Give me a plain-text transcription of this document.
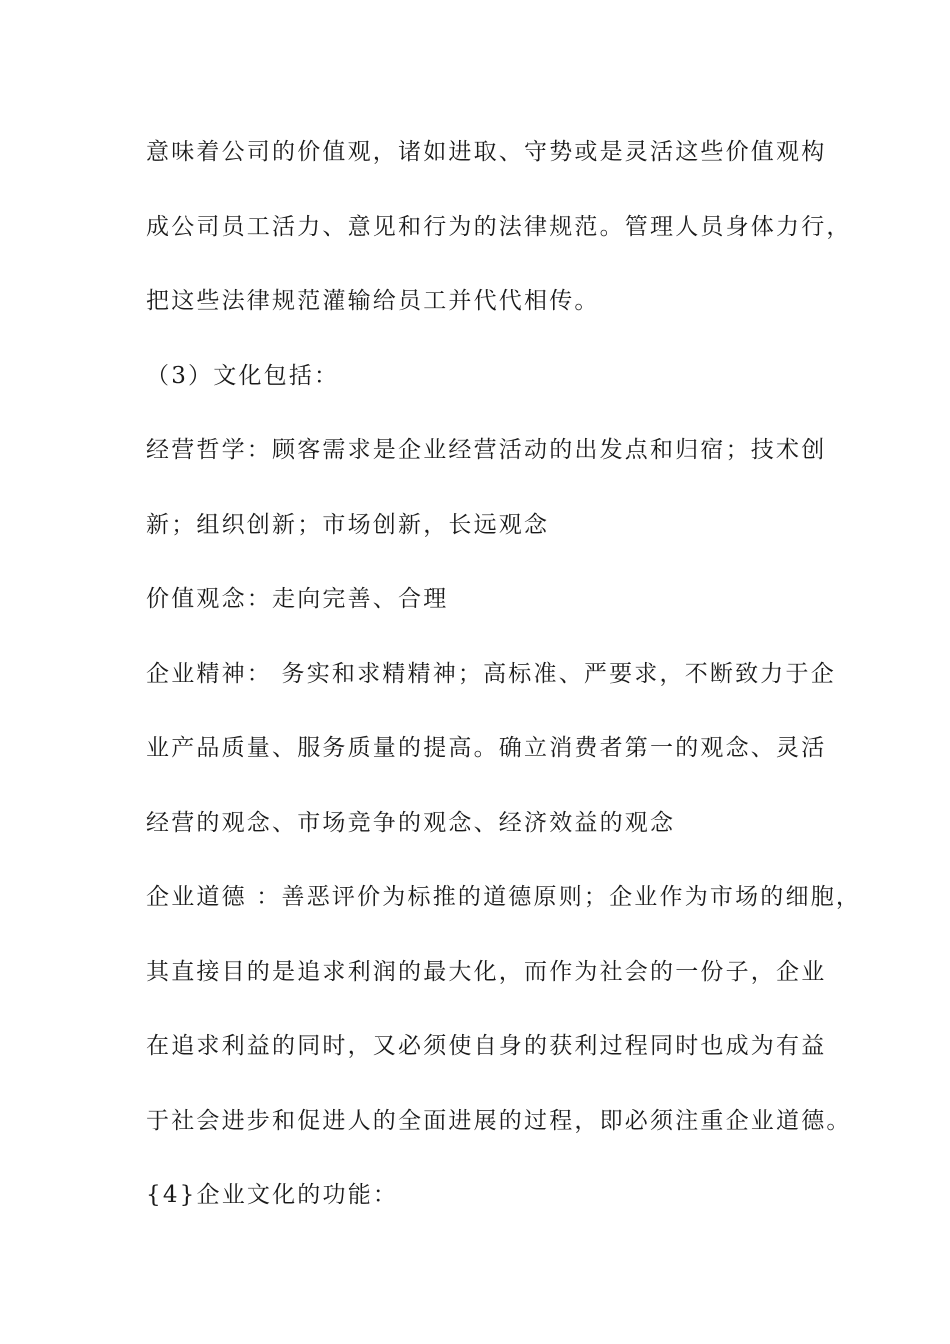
意味着公司的价值观，诸如进取、守势或是灵活这些价值观构
成公司员工活力、意见和行为的法律规范。管理人员身体力行，
把这些法律规范灌输给员工并代代相传。
（3）文化包括：
经营哲学：顾客需求是企业经营活动的出发点和归宿；技术创
新；组织创新；市场创新，长远观念
价值观念：走向完善、合理
企业精神： 务实和求精精神；高标准、严要求，不断致力于企
业产品质量、服务质量的提高。确立消费者第一的观念、灵活
经营的观念、市场竞争的观念、经济效益的观念
企业道德 ：善恶评价为标推的道德原则；企业作为市场的细胞，
其直接目的是追求利润的最大化，而作为社会的一份子，企业
在追求利益的同时，又必须使自身的获利过程同时也成为有益
于社会进步和促进人的全面进展的过程，即必须注重企业道德。
{4}企业文化的功能：
